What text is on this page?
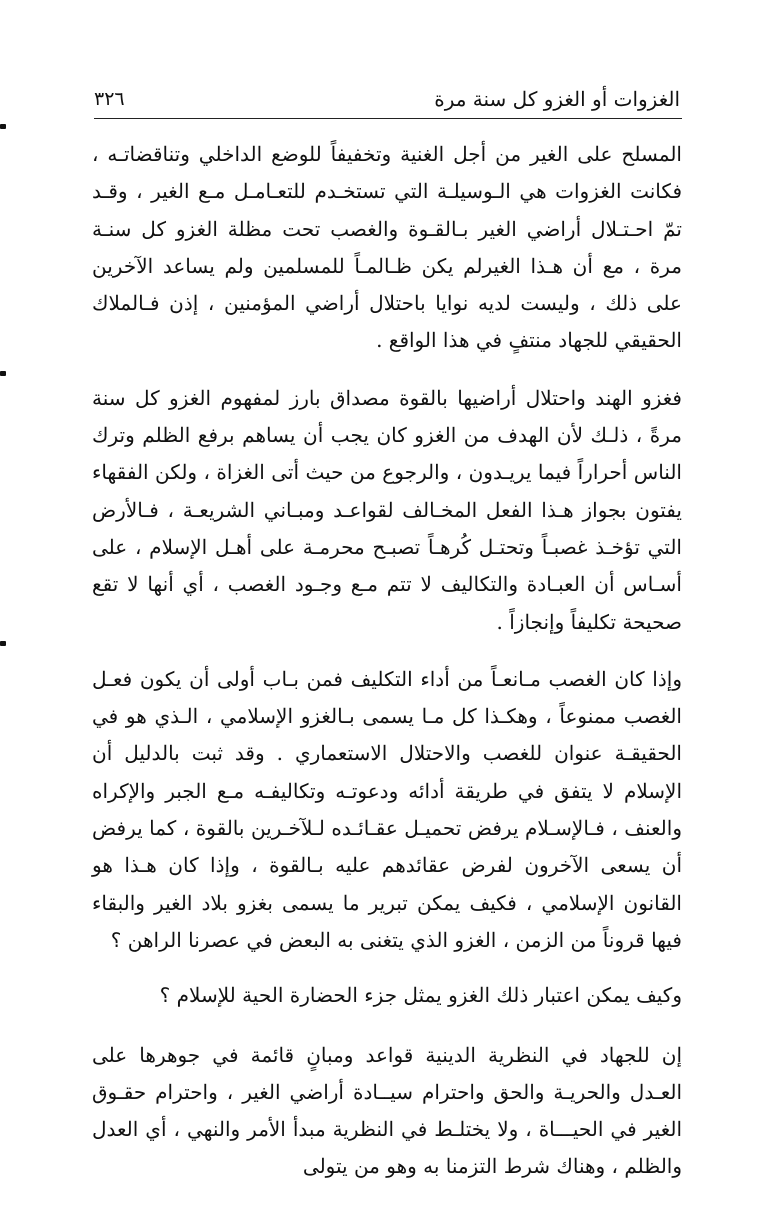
الغزوات أو الغزو كل سنة مرة
٣٢٦

المسلح على الغير من أجل الغنية وتخفيفاً للوضع الداخلي وتناقضاتـه ، فكانت الغزوات هي الـوسيلـة التي تستخـدم للتعـامـل مـع الغير ، وقـد تمّ احـتـلال أراضي الغير بـالقـوة والغصب تحت مظلة الغزو كل سنـة مرة ، مع أن هـذا الغيرلم يكن ظـالمـاً للمسلمين ولم يساعد الآخرين على ذلك ، وليست لديه نوايا باحتلال أراضي المؤمنين ، إذن فـالملاك الحقيقي للجهاد منتفٍ في هذا الواقع .

فغزو الهند واحتلال أراضيها بالقوة مصداق بارز لمفهوم الغزو كل سنة مرةً ، ذلـك لأن الهدف من الغزو كان يجب أن يساهم برفع الظلم وترك الناس أحراراً فيما يريـدون ، والرجوع من حيث أتى الغزاة ، ولكن الفقهاء يفتون بجواز هـذا الفعل المخـالف لقواعـد ومبـاني الشريعـة ، فـالأرض التي تؤخـذ غصبـاً وتحتـل كُرهـاً تصبـح محرمـة على أهـل الإسلام ، على أسـاس أن العبـادة والتكاليف لا تتم مـع وجـود الغصب ، أي أنها لا تقع صحيحة تكليفاً وإنجازاً .

وإذا كان الغصب مـانعـاً من أداء التكليف فمن بـاب أولى أن يكون فعـل الغصب ممنوعاً ، وهكـذا كل مـا يسمى بـالغزو الإسلامي ، الـذي هو في الحقيقـة عنوان للغصب والاحتلال الاستعماري . وقد ثبت بالدليل أن الإسلام لا يتفق في طريقة أدائه ودعوتـه وتكاليفـه مـع الجبر والإكراه والعنف ، فـالإسـلام يرفض تحميـل عقـائـده لـلآخـرين بالقوة ، كما يرفض أن يسعى الآخرون لفرض عقائدهم عليه بـالقوة ، وإذا كان هـذا هو القانون الإسلامي ، فكيف يمكن تبرير ما يسمى بغزو بلاد الغير والبقاء فيها قروناً من الزمن ، الغزو الذي يتغنى به البعض في عصرنا الراهن ؟

وكيف يمكن اعتبار ذلك الغزو يمثل جزء الحضارة الحية للإسلام ؟

إن للجهاد في النظرية الدينية قواعد ومبانٍ قائمة في جوهرها على العـدل والحريـة والحق واحترام سيــادة أراضي الغير ، واحترام حقـوق الغير في الحيـــاة ، ولا يختلـط في النظرية مبدأ الأمر والنهي ، أي العدل والظلم ، وهناك شرط التزمنا به وهو من يتولى
